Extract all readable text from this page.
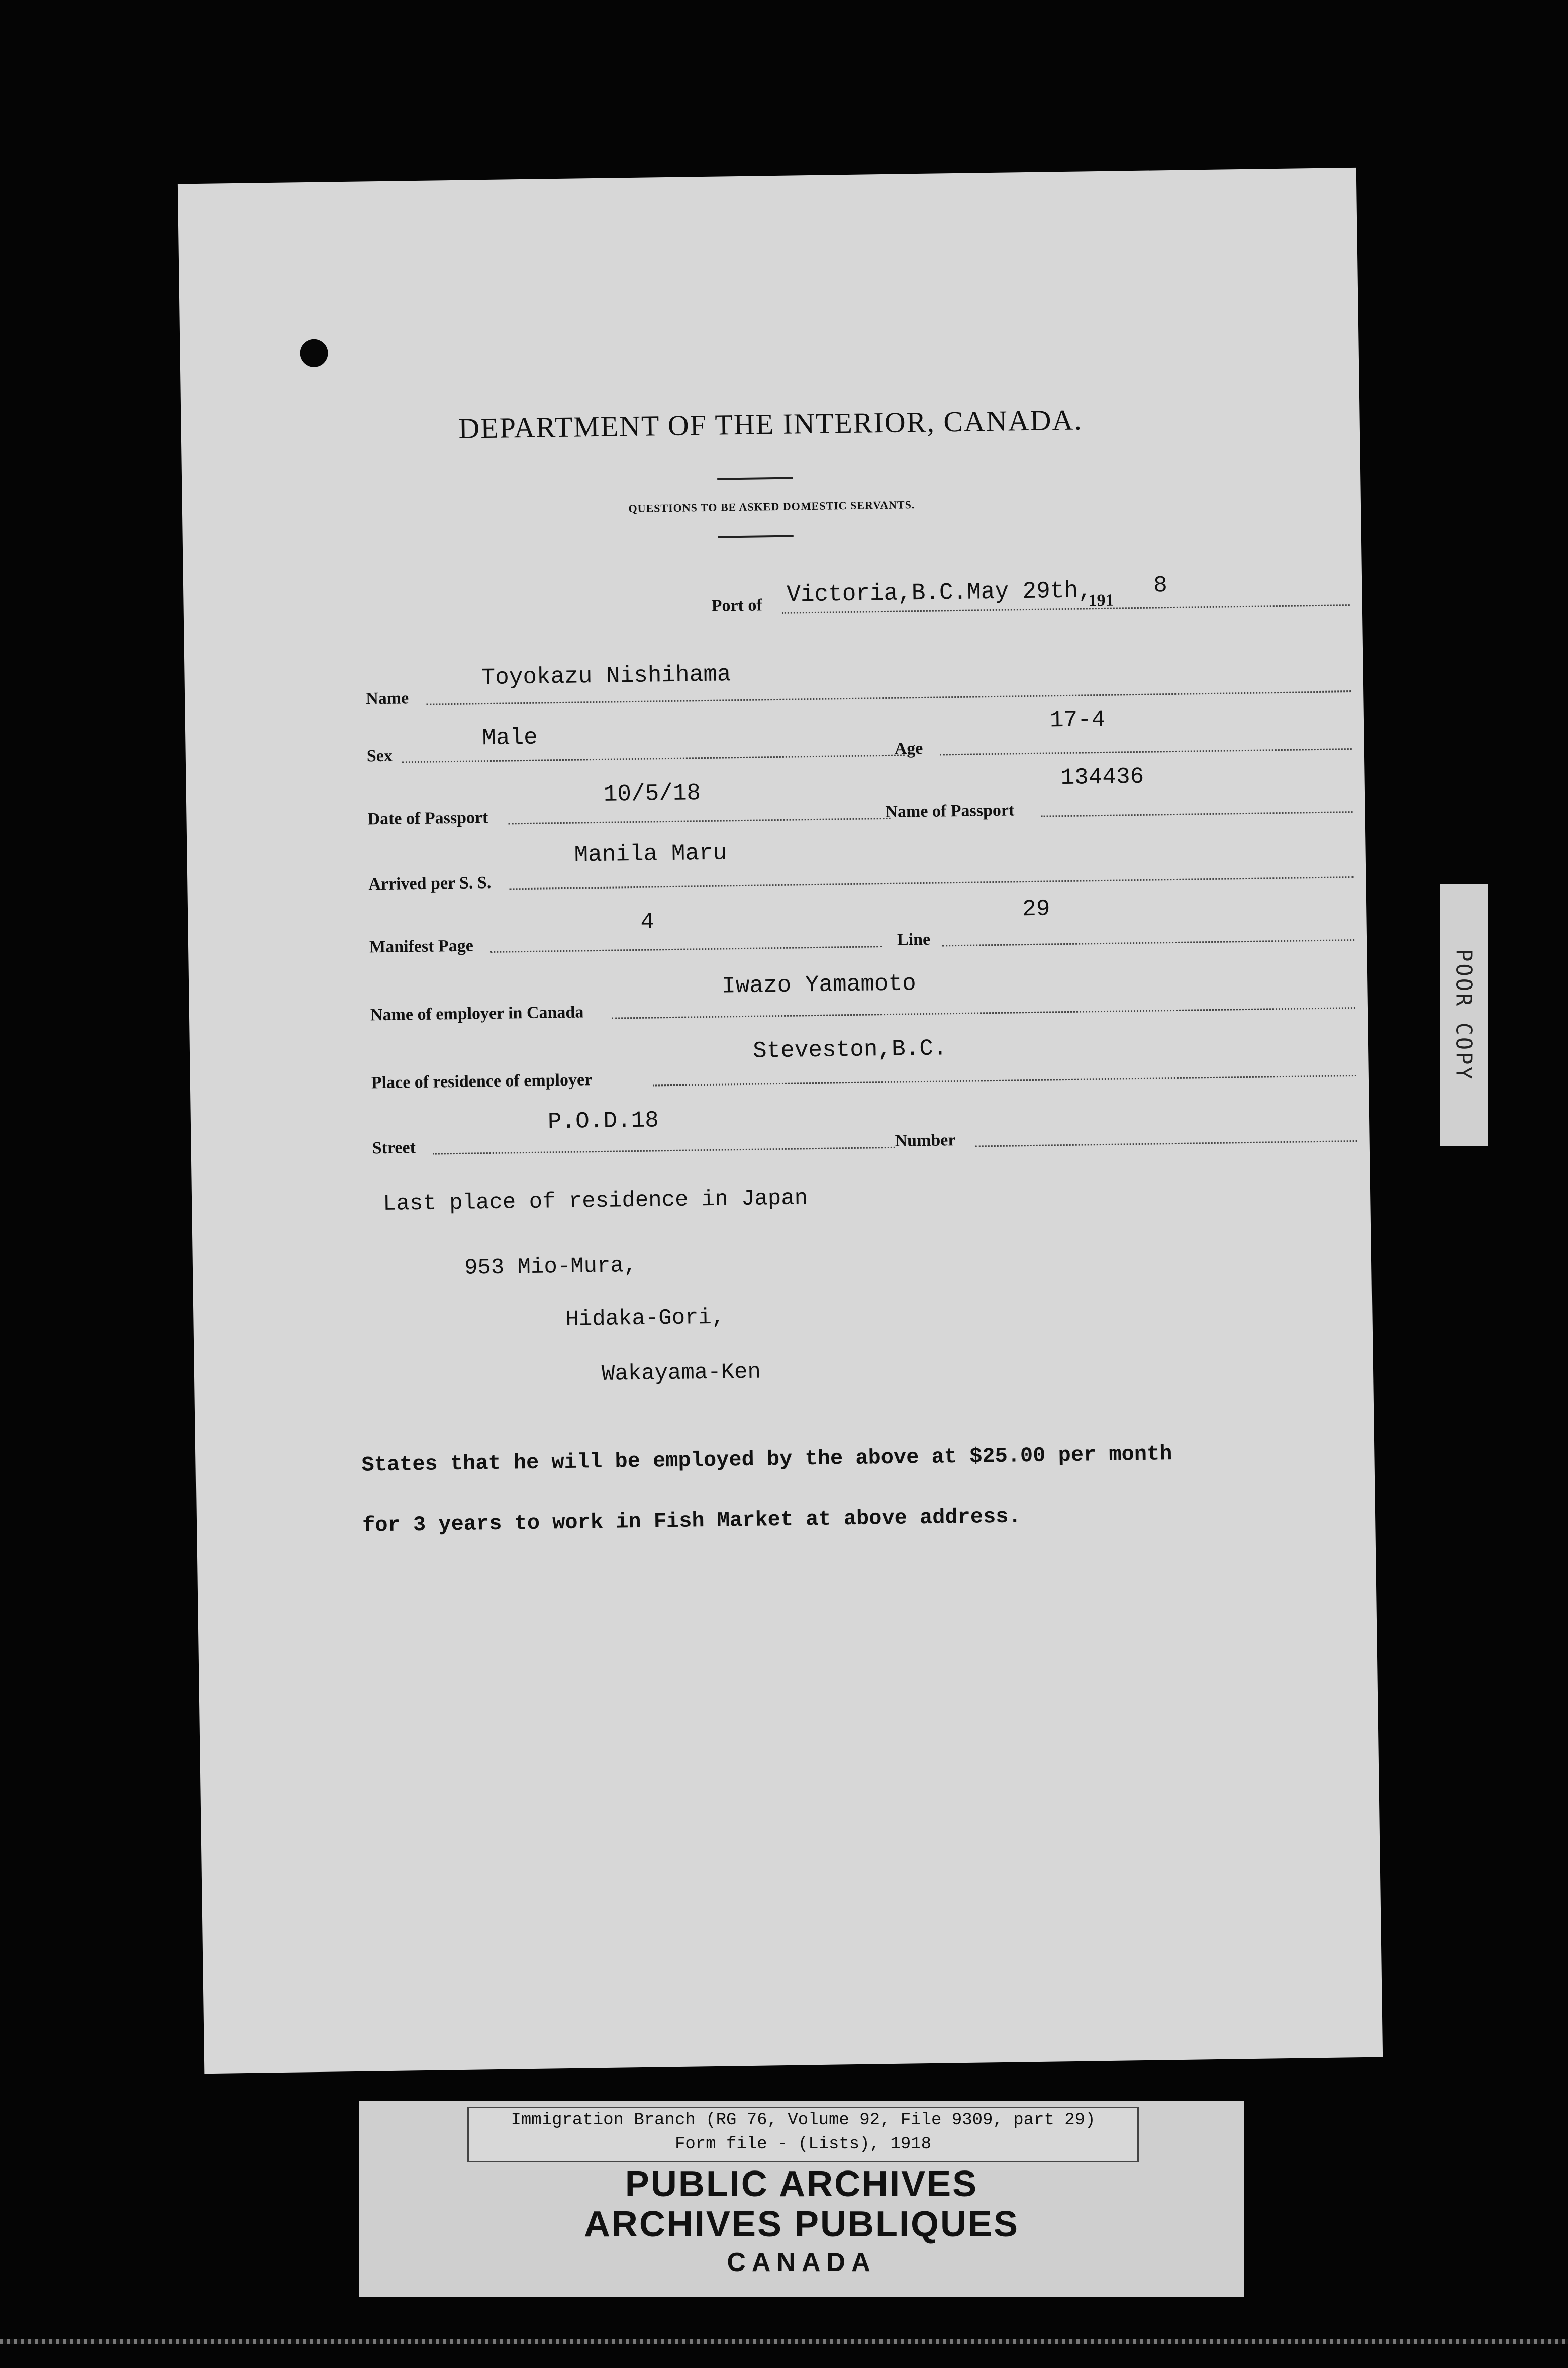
DEPARTMENT OF THE INTERIOR, CANADA.
QUESTIONS TO BE ASKED DOMESTIC SERVANTS.
Port of Victoria,B.C.May 29th,
191
8
Name
Toyokazu Nishihama
Sex
Male	Age
17-4
Date of Passport
10/5/18
Name of Passport
134436
Arrived per S. S.
Manila Maru
Manifest Page
4
Line
29
Name of employer in Canada
Iwazo Yamamoto
Place of residence of employer
Steveston,B.C.
Street
P.O.D.18
Number
Last place of residence in Japan
953 Mio-Mura,
Hidaka-Gori,
Wakayama-Ken
States that he will be employed by the above at $25.00 per month
for 3 years to work in Fish Market at above address.
POOR COPY
Immigration Branch (RG 76, Volume 92, File 9309, part 29)
Form file - (Lists), 1918
PUBLIC ARCHIVES
ARCHIVES PUBLIQUES
CANADA
